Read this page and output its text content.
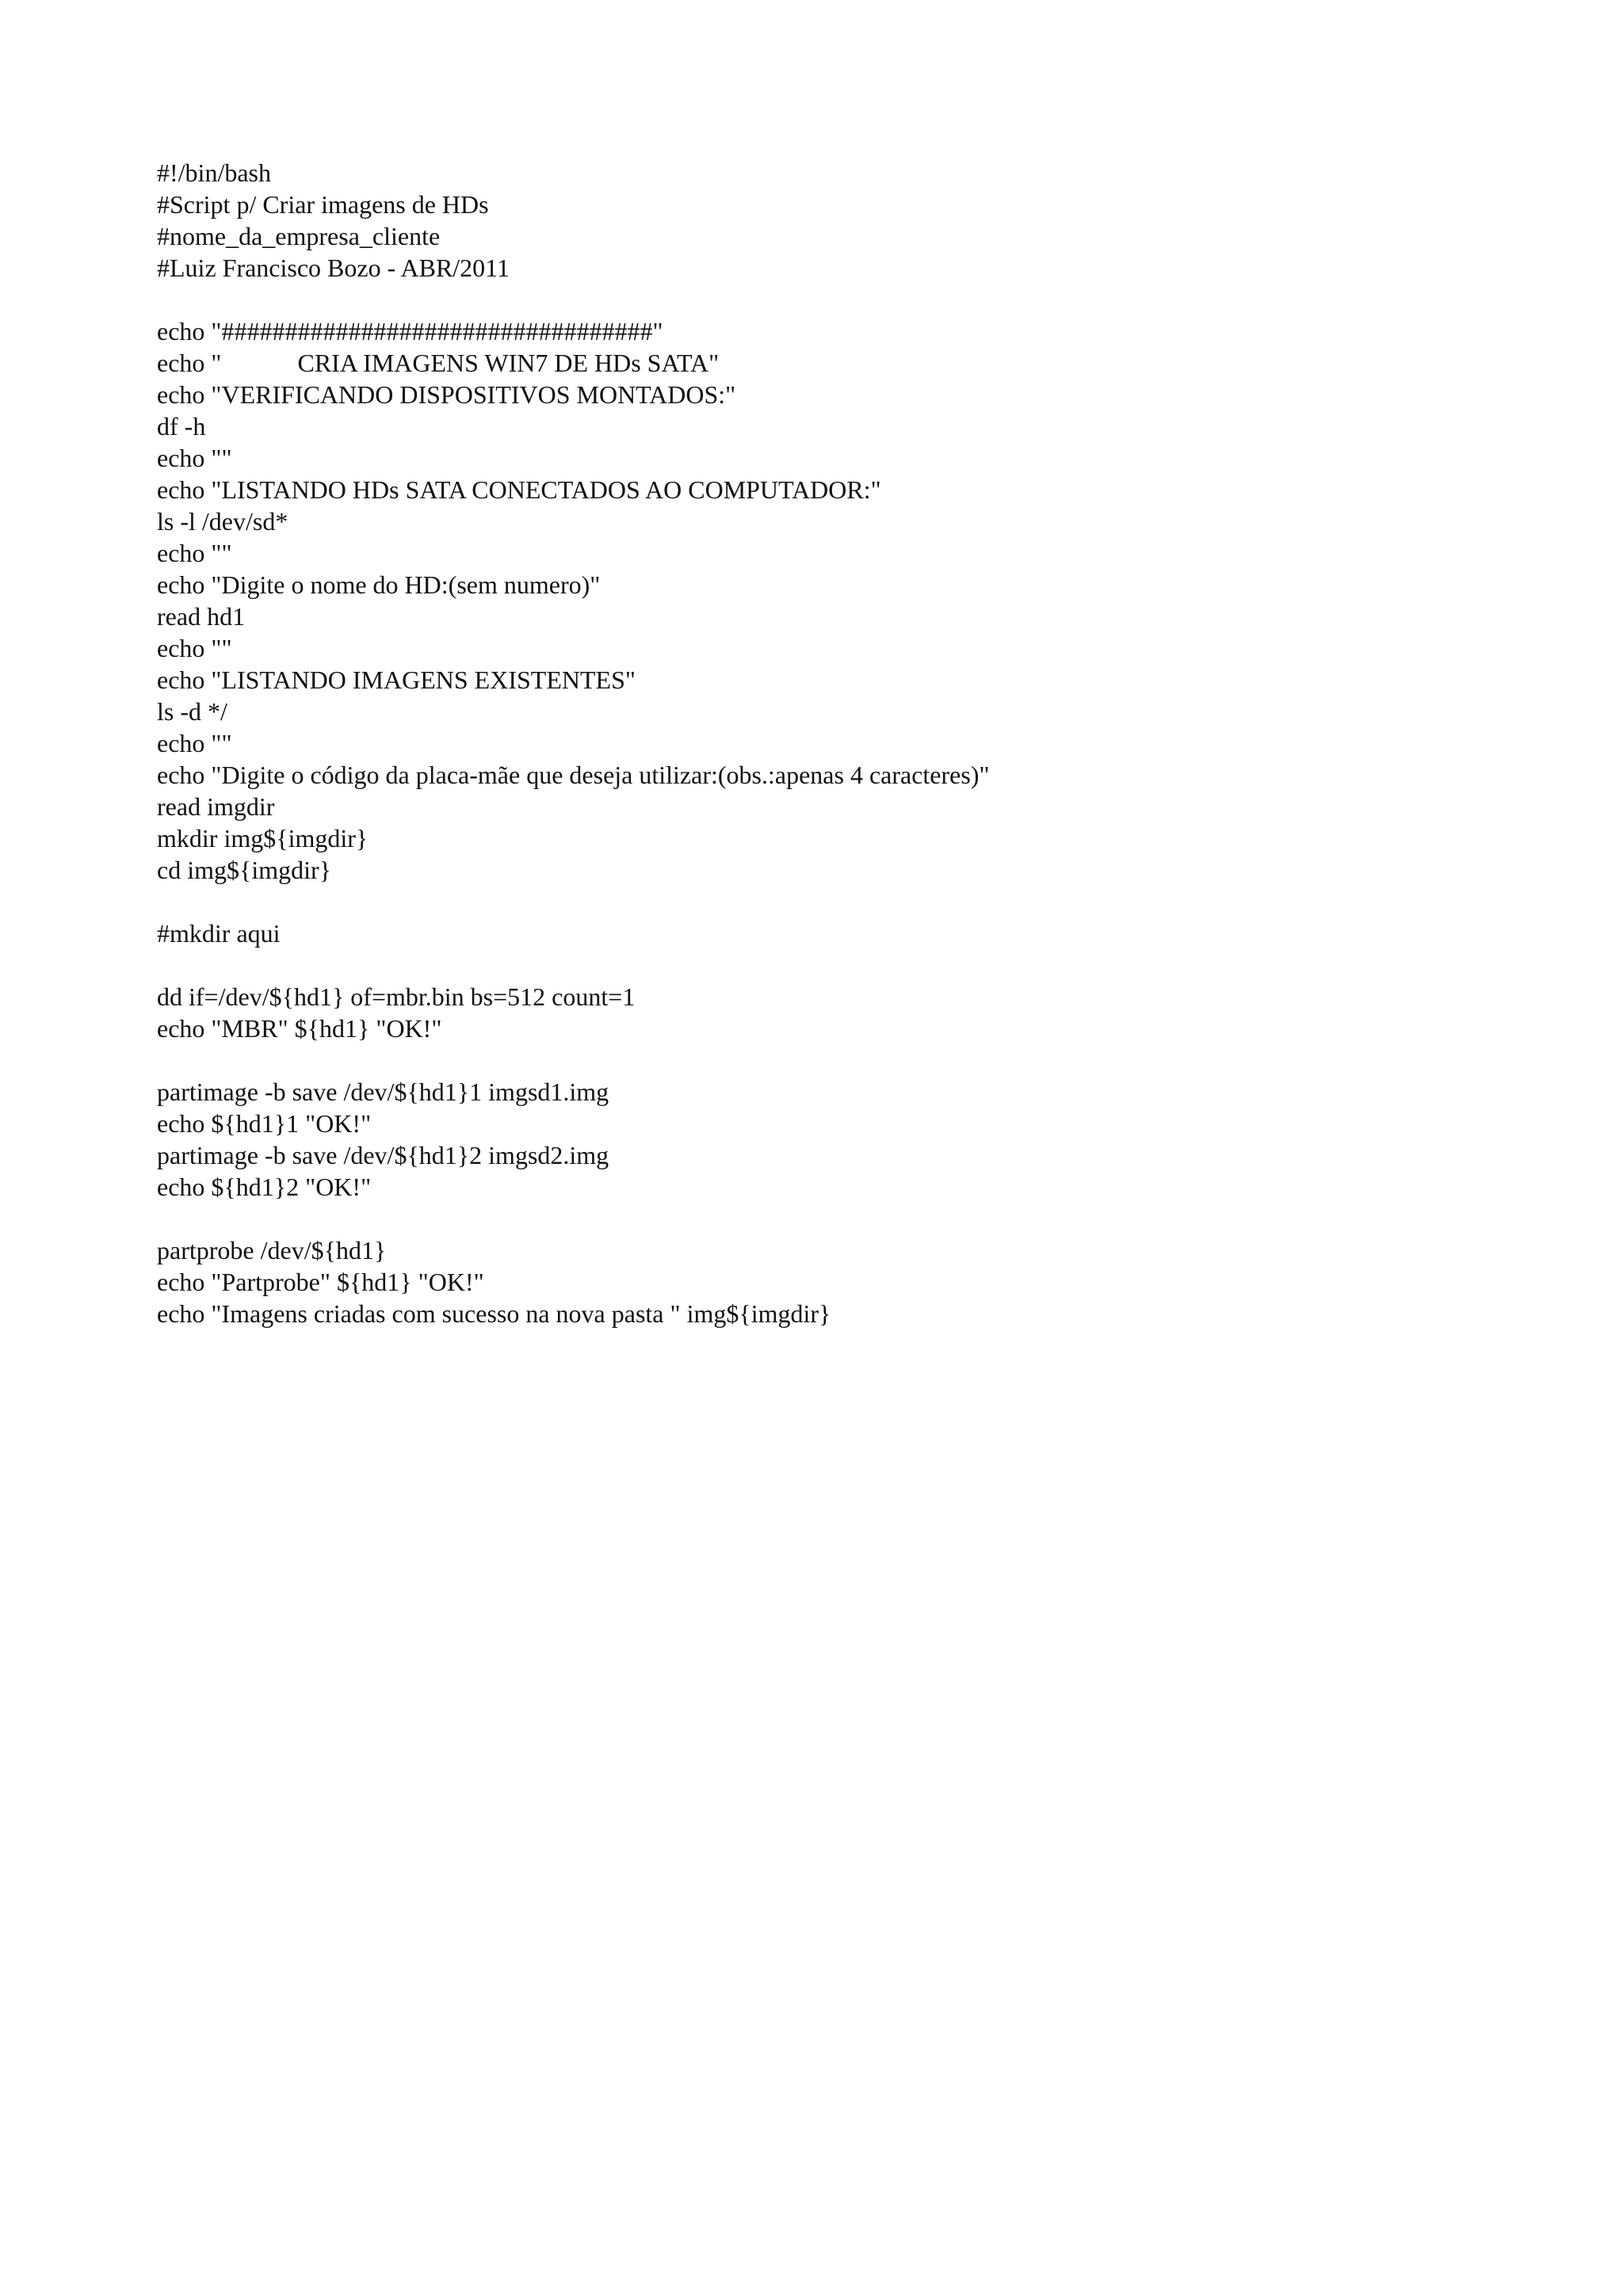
#!/bin/bash
#Script p/ Criar imagens de HDs
#nome_da_empresa_cliente
#Luiz Francisco Bozo - ABR/2011
echo "##################################"
echo "            CRIA IMAGENS WIN7 DE HDs SATA"
echo "VERIFICANDO DISPOSITIVOS MONTADOS:"
df -h
echo ""
echo "LISTANDO HDs SATA CONECTADOS AO COMPUTADOR:"
ls -l /dev/sd*
echo ""
echo "Digite o nome do HD:(sem numero)"
read hd1
echo ""
echo "LISTANDO IMAGENS EXISTENTES"
ls -d */
echo ""
echo "Digite o código da placa-mãe que deseja utilizar:(obs.:apenas 4 caracteres)"
read imgdir
mkdir img${imgdir}
cd img${imgdir}
#mkdir aqui
dd if=/dev/${hd1} of=mbr.bin bs=512 count=1
echo "MBR" ${hd1} "OK!"
partimage -b save /dev/${hd1}1 imgsd1.img
echo ${hd1}1 "OK!"
partimage -b save /dev/${hd1}2 imgsd2.img
echo ${hd1}2 "OK!"
partprobe /dev/${hd1}
echo "Partprobe" ${hd1} "OK!"
echo "Imagens criadas com sucesso na nova pasta " img${imgdir}
